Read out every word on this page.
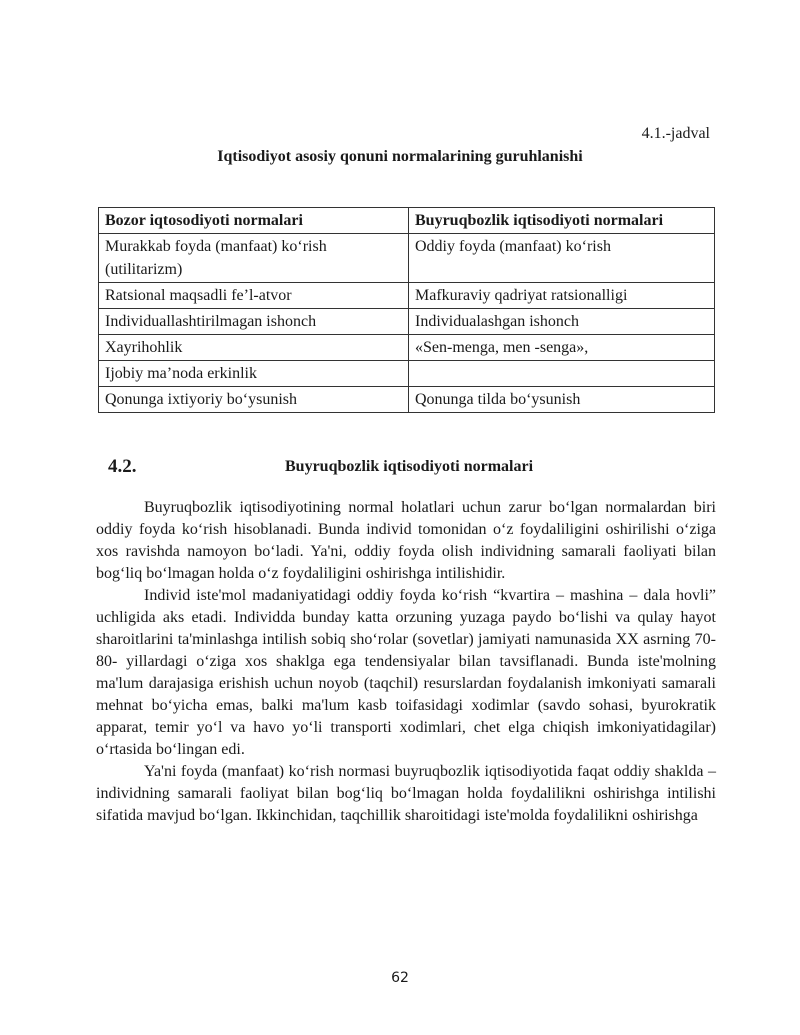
4.1.-jadval
Iqtisodiyot asosiy qonuni normalarining guruhlanishi
Bozor iqtosodiyoti normalari	Buyruqbozlik iqtisodiyoti normalari
Murakkab foyda (manfaat) ko‘rish (utilitarizm)	Oddiy foyda (manfaat) ko‘rish
Ratsional maqsadli fe’l-atvor	Mafkuraviy qadriyat ratsionalligi
Individuallashtirilmagan ishonch	Individualashgan ishonch
Xayrihohlik	«Sen-menga, men -senga»,
Ijobiy ma’noda erkinlik	
Qonunga ixtiyoriy bo‘ysunish	Qonunga tilda bo‘ysunish
4.2.	Buyruqbozlik iqtisodiyoti normalari

Buyruqbozlik iqtisodiyotining normal holatlari uchun zarur bo‘lgan normalardan biri oddiy foyda ko‘rish hisoblanadi. Bunda individ tomonidan o‘z foydaliligini oshirilishi o‘ziga xos ravishda namoyon bo‘ladi. Ya'ni, oddiy foyda olish individning samarali faoliyati bilan bog‘liq bo‘lmagan holda o‘z foydaliligini oshirishga intilishidir.

Individ iste'mol madaniyatidagi oddiy foyda ko‘rish “kvartira – mashina – dala hovli” uchligida aks etadi. Individda bunday katta orzuning yuzaga paydo bo‘lishi va qulay hayot sharoitlarini ta'minlashga intilish sobiq sho‘rolar (sovetlar) jamiyati namunasida XX asrning 70-80- yillardagi o‘ziga xos shaklga ega tendensiyalar bilan tavsiflanadi. Bunda iste'molning ma'lum darajasiga erishish uchun noyob (taqchil) resurslardan foydalanish imkoniyati samarali mehnat bo‘yicha emas, balki ma'lum kasb toifasidagi xodimlar (savdo sohasi, byurokratik apparat, temir yo‘l va havo yo‘li transporti xodimlari, chet elga chiqish imkoniyatidagilar) o‘rtasida bo‘lingan edi.

Ya'ni foyda (manfaat) ko‘rish normasi buyruqbozlik iqtisodiyotida faqat oddiy shaklda – individning samarali faoliyat bilan bog‘liq bo‘lmagan holda foydalilikni oshirishga intilishi sifatida mavjud bo‘lgan. Ikkinchidan, taqchillik sharoitidagi iste'molda foydalilikni oshirishga

62
